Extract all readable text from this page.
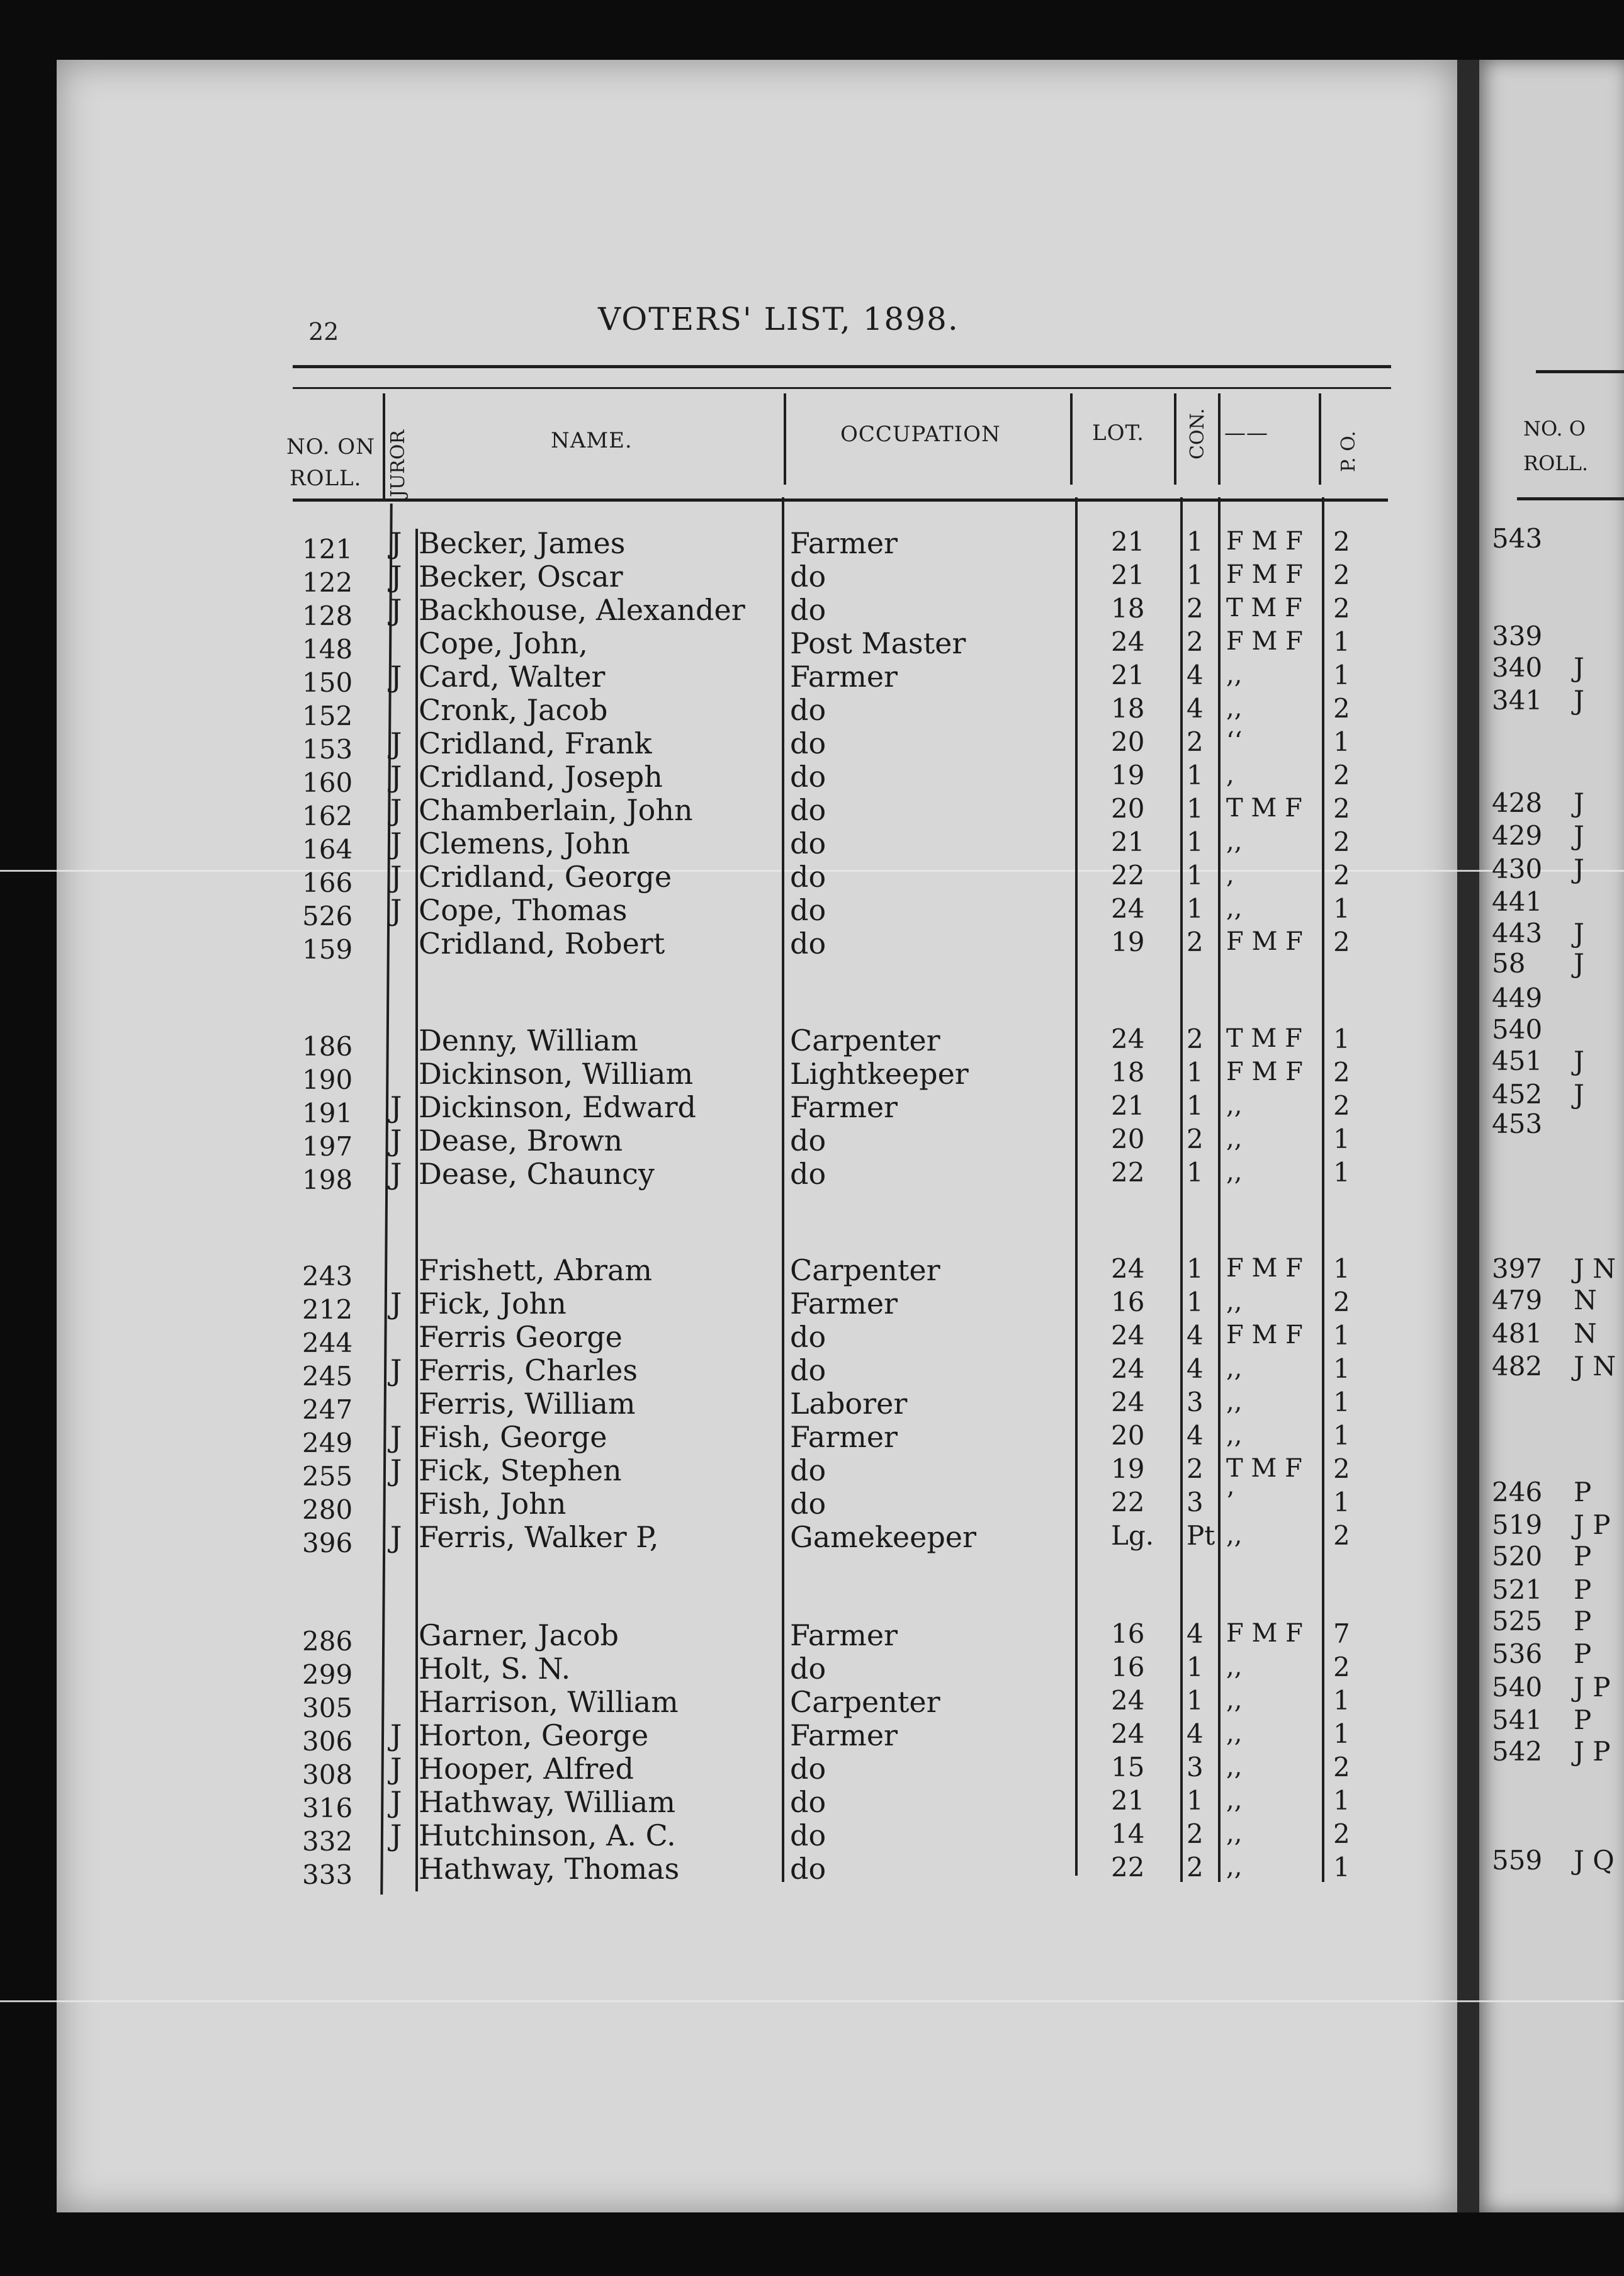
22	VOTERS' LIST, 1898.
NO. ON
ROLL. JUROR	NAME.	OCCUPATION	LOT. CON. ——	P. O.
121 J Becker, James	Farmer	21 1 F M F 2
122 J Becker, Oscar	do	21 1 F M F 2
128 J Backhouse, Alexander do	18 2 T M F 2
148 Cope, John,	Post Master	24 2 F M F 1
150 J Card, Walter	Farmer	21 4 ,,	1
152 Cronk, Jacob	do	18 4 ,,	2
153 J Cridland, Frank	do	20 2 ‘‘	1
160 J Cridland, Joseph	do	19 1 ,	2
162 J Chamberlain, John	do	20 1 T M F 2
164 J Clemens, John	do	21 1 ,,	2
166 J Cridland, George	do	22 1 ,	2
526 J Cope, Thomas	do	24 1 ,,	1
159 Cridland, Robert	do	19 2 F M F 2
186 Denny, William	Carpenter	24 2 T M F 1
190 Dickinson, William	Lightkeeper	18 1 F M F 2
191 J Dickinson, Edward	Farmer	21 1 ,,	2
197 J Dease, Brown	do	20 2 ,,	1
198 J Dease, Chauncy	do	22 1 ,,	1
243 Frishett, Abram	Carpenter	24 1 F M F 1
212 J Fick, John	Farmer	16 1 ,,	2
244 Ferris George	do	24 4 F M F 1
245 J Ferris, Charles	do	24 4 ,,	1
247 Ferris, William	Laborer	24 3 ,,	1
249 J Fish, George	Farmer	20 4 ,,	1
255 J Fick, Stephen	do	19 2 T M F 2
280 Fish, John	do	22 3 ’	1
396 J Ferris, Walker P,	Gamekeeper	Lg. Pt ,,	2
286 Garner, Jacob	Farmer	16 4 F M F 7
299 Holt, S. N.	do	16 1 ,,	2
305 Harrison, William	Carpenter	24 1 ,,	1
306 J Horton, George	Farmer	24 4 ,,	1
308 J Hooper, Alfred	do	15 3 ,,	2
316 J Hathway, William	do	21 1 ,,	1
332 J Hutchinson, A. C.	do	14 2 ,,	2
333 Hathway, Thomas	do	22 2 ,,	1
NO. O
ROLL.
543
339
340 J
341 J
428 J
429 J
430 J
441
443 J
58 J
449
540
451 J
452 J
453
397 J N
479 N
481 N
482 J N
246 P
519 J P
520 P
521 P
525 P
536 P
540 J P
541 P
542 J P
559 J Q
